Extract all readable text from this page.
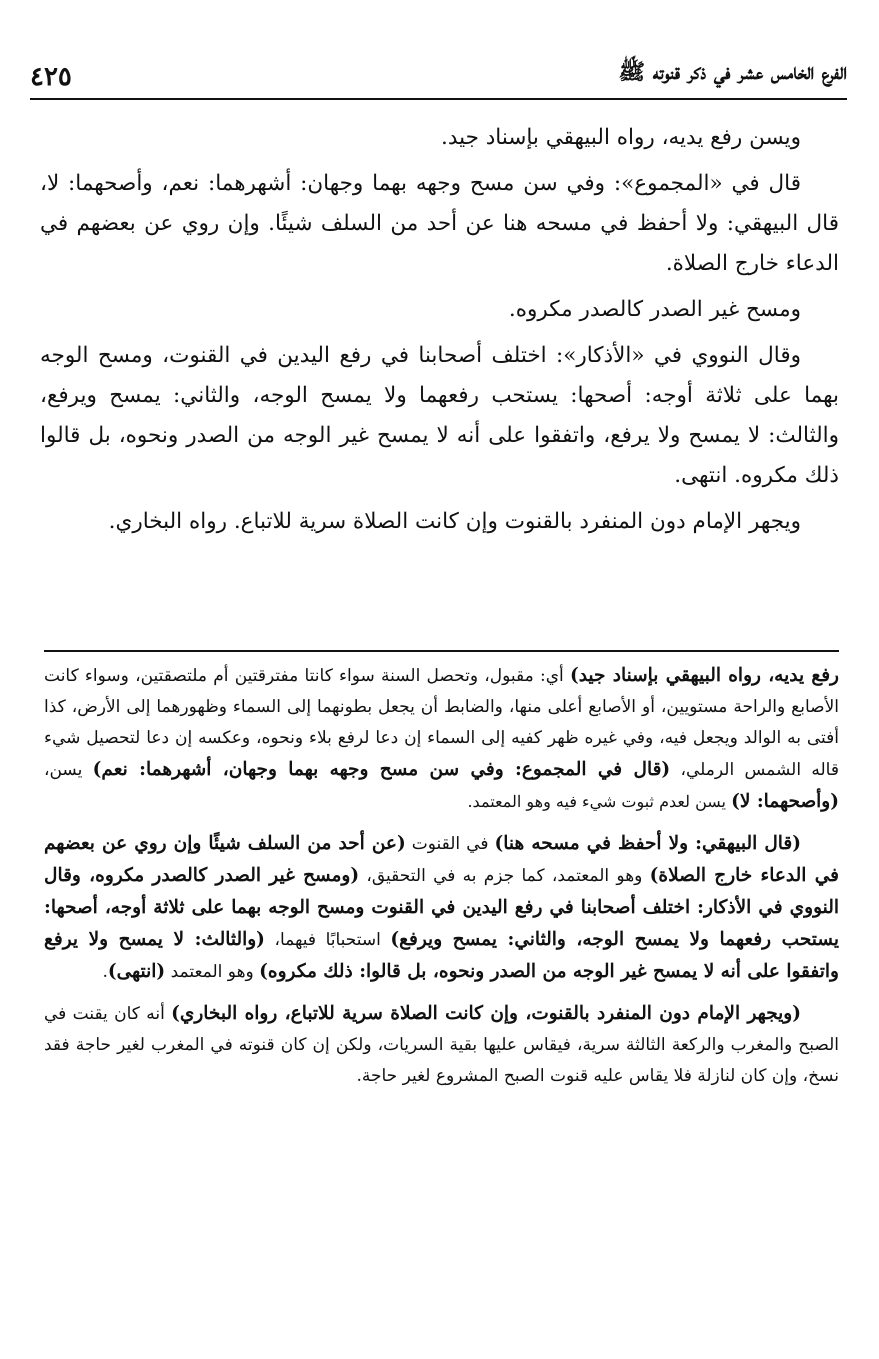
الفرع الخامس عشر في ذكر قنوته ﷺ
٤٢٥

ويسن رفع يديه، رواه البيهقي بإسناد جيد.

قال في «المجموع»: وفي سن مسح وجهه بهما وجهان: أشهرهما: نعم، وأصحهما: لا، قال البيهقي: ولا أحفظ في مسحه هنا عن أحد من السلف شيئًا. وإن روي عن بعضهم في الدعاء خارج الصلاة.

ومسح غير الصدر كالصدر مكروه.

وقال النووي في «الأذكار»: اختلف أصحابنا في رفع اليدين في القنوت، ومسح الوجه بهما على ثلاثة أوجه: أصحها: يستحب رفعهما ولا يمسح الوجه، والثاني: يمسح ويرفع، والثالث: لا يمسح ولا يرفع، واتفقوا على أنه لا يمسح غير الوجه من الصدر ونحوه، بل قالوا ذلك مكروه. انتهى.

ويجهر الإمام دون المنفرد بالقنوت وإن كانت الصلاة سرية للاتباع. رواه البخاري.

رفع يديه، رواه البيهقي بإسناد جيد) أي: مقبول، وتحصل السنة سواء كانتا مفترقتين أم ملتصقتين، وسواء كانت الأصابع والراحة مستويين، أو الأصابع أعلى منها، والضابط أن يجعل بطونهما إلى السماء وظهورهما إلى الأرض، كذا أفتى به الوالد ويجعل فيه، وفي غيره ظهر كفيه إلى السماء إن دعا لرفع بلاء ونحوه، وعكسه إن دعا لتحصيل شيء قاله الشمس الرملي، (قال في المجموع: وفي سن مسح وجهه بهما وجهان، أشهرهما: نعم) يسن، (وأصحهما: لا) يسن لعدم ثبوت شيء فيه وهو المعتمد.

(قال البيهقي: ولا أحفظ في مسحه هنا) في القنوت (عن أحد من السلف شيئًا وإن روي عن بعضهم في الدعاء خارج الصلاة) وهو المعتمد، كما جزم به في التحقيق، (ومسح غير الصدر كالصدر مكروه، وقال النووي في الأذكار: اختلف أصحابنا في رفع اليدين في القنوت ومسح الوجه بهما على ثلاثة أوجه، أصحها: يستحب رفعهما ولا يمسح الوجه، والثاني: يمسح ويرفع) استحبابًا فيهما، (والثالث: لا يمسح ولا يرفع واتفقوا على أنه لا يمسح غير الوجه من الصدر ونحوه، بل قالوا: ذلك مكروه) وهو المعتمد (انتهى).

(ويجهر الإمام دون المنفرد بالقنوت، وإن كانت الصلاة سرية للاتباع، رواه البخاري) أنه كان يقنت في الصبح والمغرب والركعة الثالثة سرية، فيقاس عليها بقية السريات، ولكن إن كان قنوته في المغرب لغير حاجة فقد نسخ، وإن كان لنازلة فلا يقاس عليه قنوت الصبح المشروع لغير حاجة.
